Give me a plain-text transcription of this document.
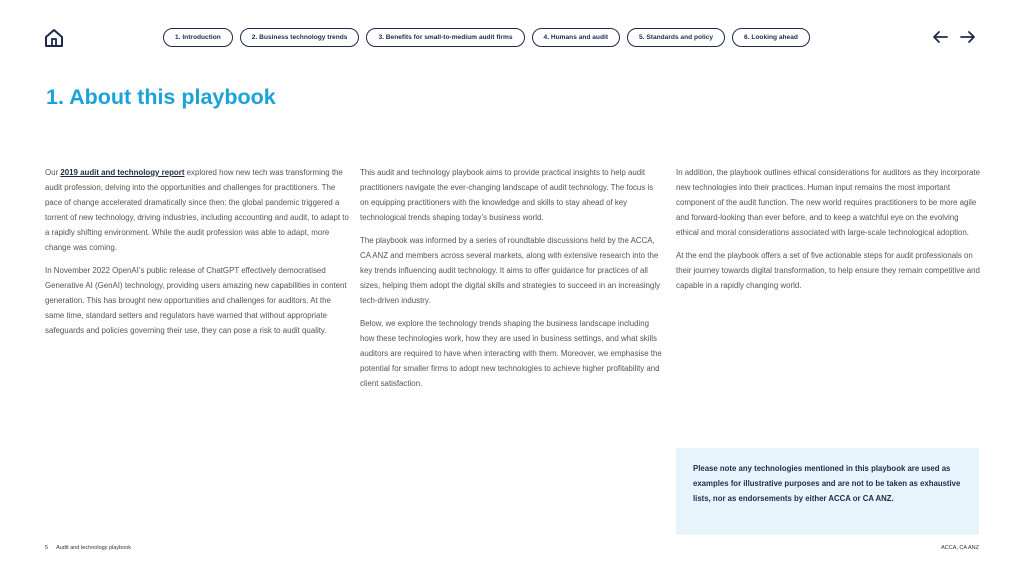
1. Introduction	2. Business technology trends	3. Benefits for small-to-medium audit firms	4. Humans and audit	5. Standards and policy	6. Looking ahead
1. About this playbook

Our 2019 audit and technology report explored how new tech was transforming the audit profession, delving into the opportunities and challenges for practitioners. The pace of change accelerated dramatically since then: the global pandemic triggered a torrent of new technology, driving industries, including accounting and audit, to adapt to a rapidly shifting environment. While the audit profession was able to adapt, more change was coming.

In November 2022 OpenAI’s public release of ChatGPT effectively democratised Generative AI (GenAI) technology, providing users amazing new capabilities in content generation. This has brought new opportunities and challenges for auditors. At the same time, standard setters and regulators have warned that without appropriate safeguards and policies governing their use, they can pose a risk to audit quality.

This audit and technology playbook aims to provide practical insights to help audit practitioners navigate the ever-changing landscape of audit technology. The focus is on equipping practitioners with the knowledge and skills to stay ahead of key technological trends shaping today’s business world.

The playbook was informed by a series of roundtable discussions held by the ACCA, CA ANZ and members across several markets, along with extensive research into the key trends influencing audit technology. It aims to offer guidance for practices of all sizes, helping them adopt the digital skills and strategies to succeed in an increasingly tech-driven industry.

Below, we explore the technology trends shaping the business landscape including how these technologies work, how they are used in business settings, and what skills auditors are required to have when interacting with them. Moreover, we emphasise the potential for smaller firms to adopt new technologies to achieve higher profitability and client satisfaction.

In addition, the playbook outlines ethical considerations for auditors as they incorporate new technologies into their practices. Human input remains the most important component of the audit function. The new world requires practitioners to be more agile and forward-looking than ever before, and to keep a watchful eye on the evolving ethical and moral considerations associated with large-scale technological adoption.

At the end the playbook offers a set of five actionable steps for audit professionals on their journey towards digital transformation, to help ensure they remain competitive and capable in a rapidly changing world.

Please note any technologies mentioned in this playbook are used as examples for illustrative purposes and are not to be taken as exhaustive lists, nor as endorsements by either ACCA or CA ANZ.

5 Audit and technology playbook	ACCA, CA ANZ
